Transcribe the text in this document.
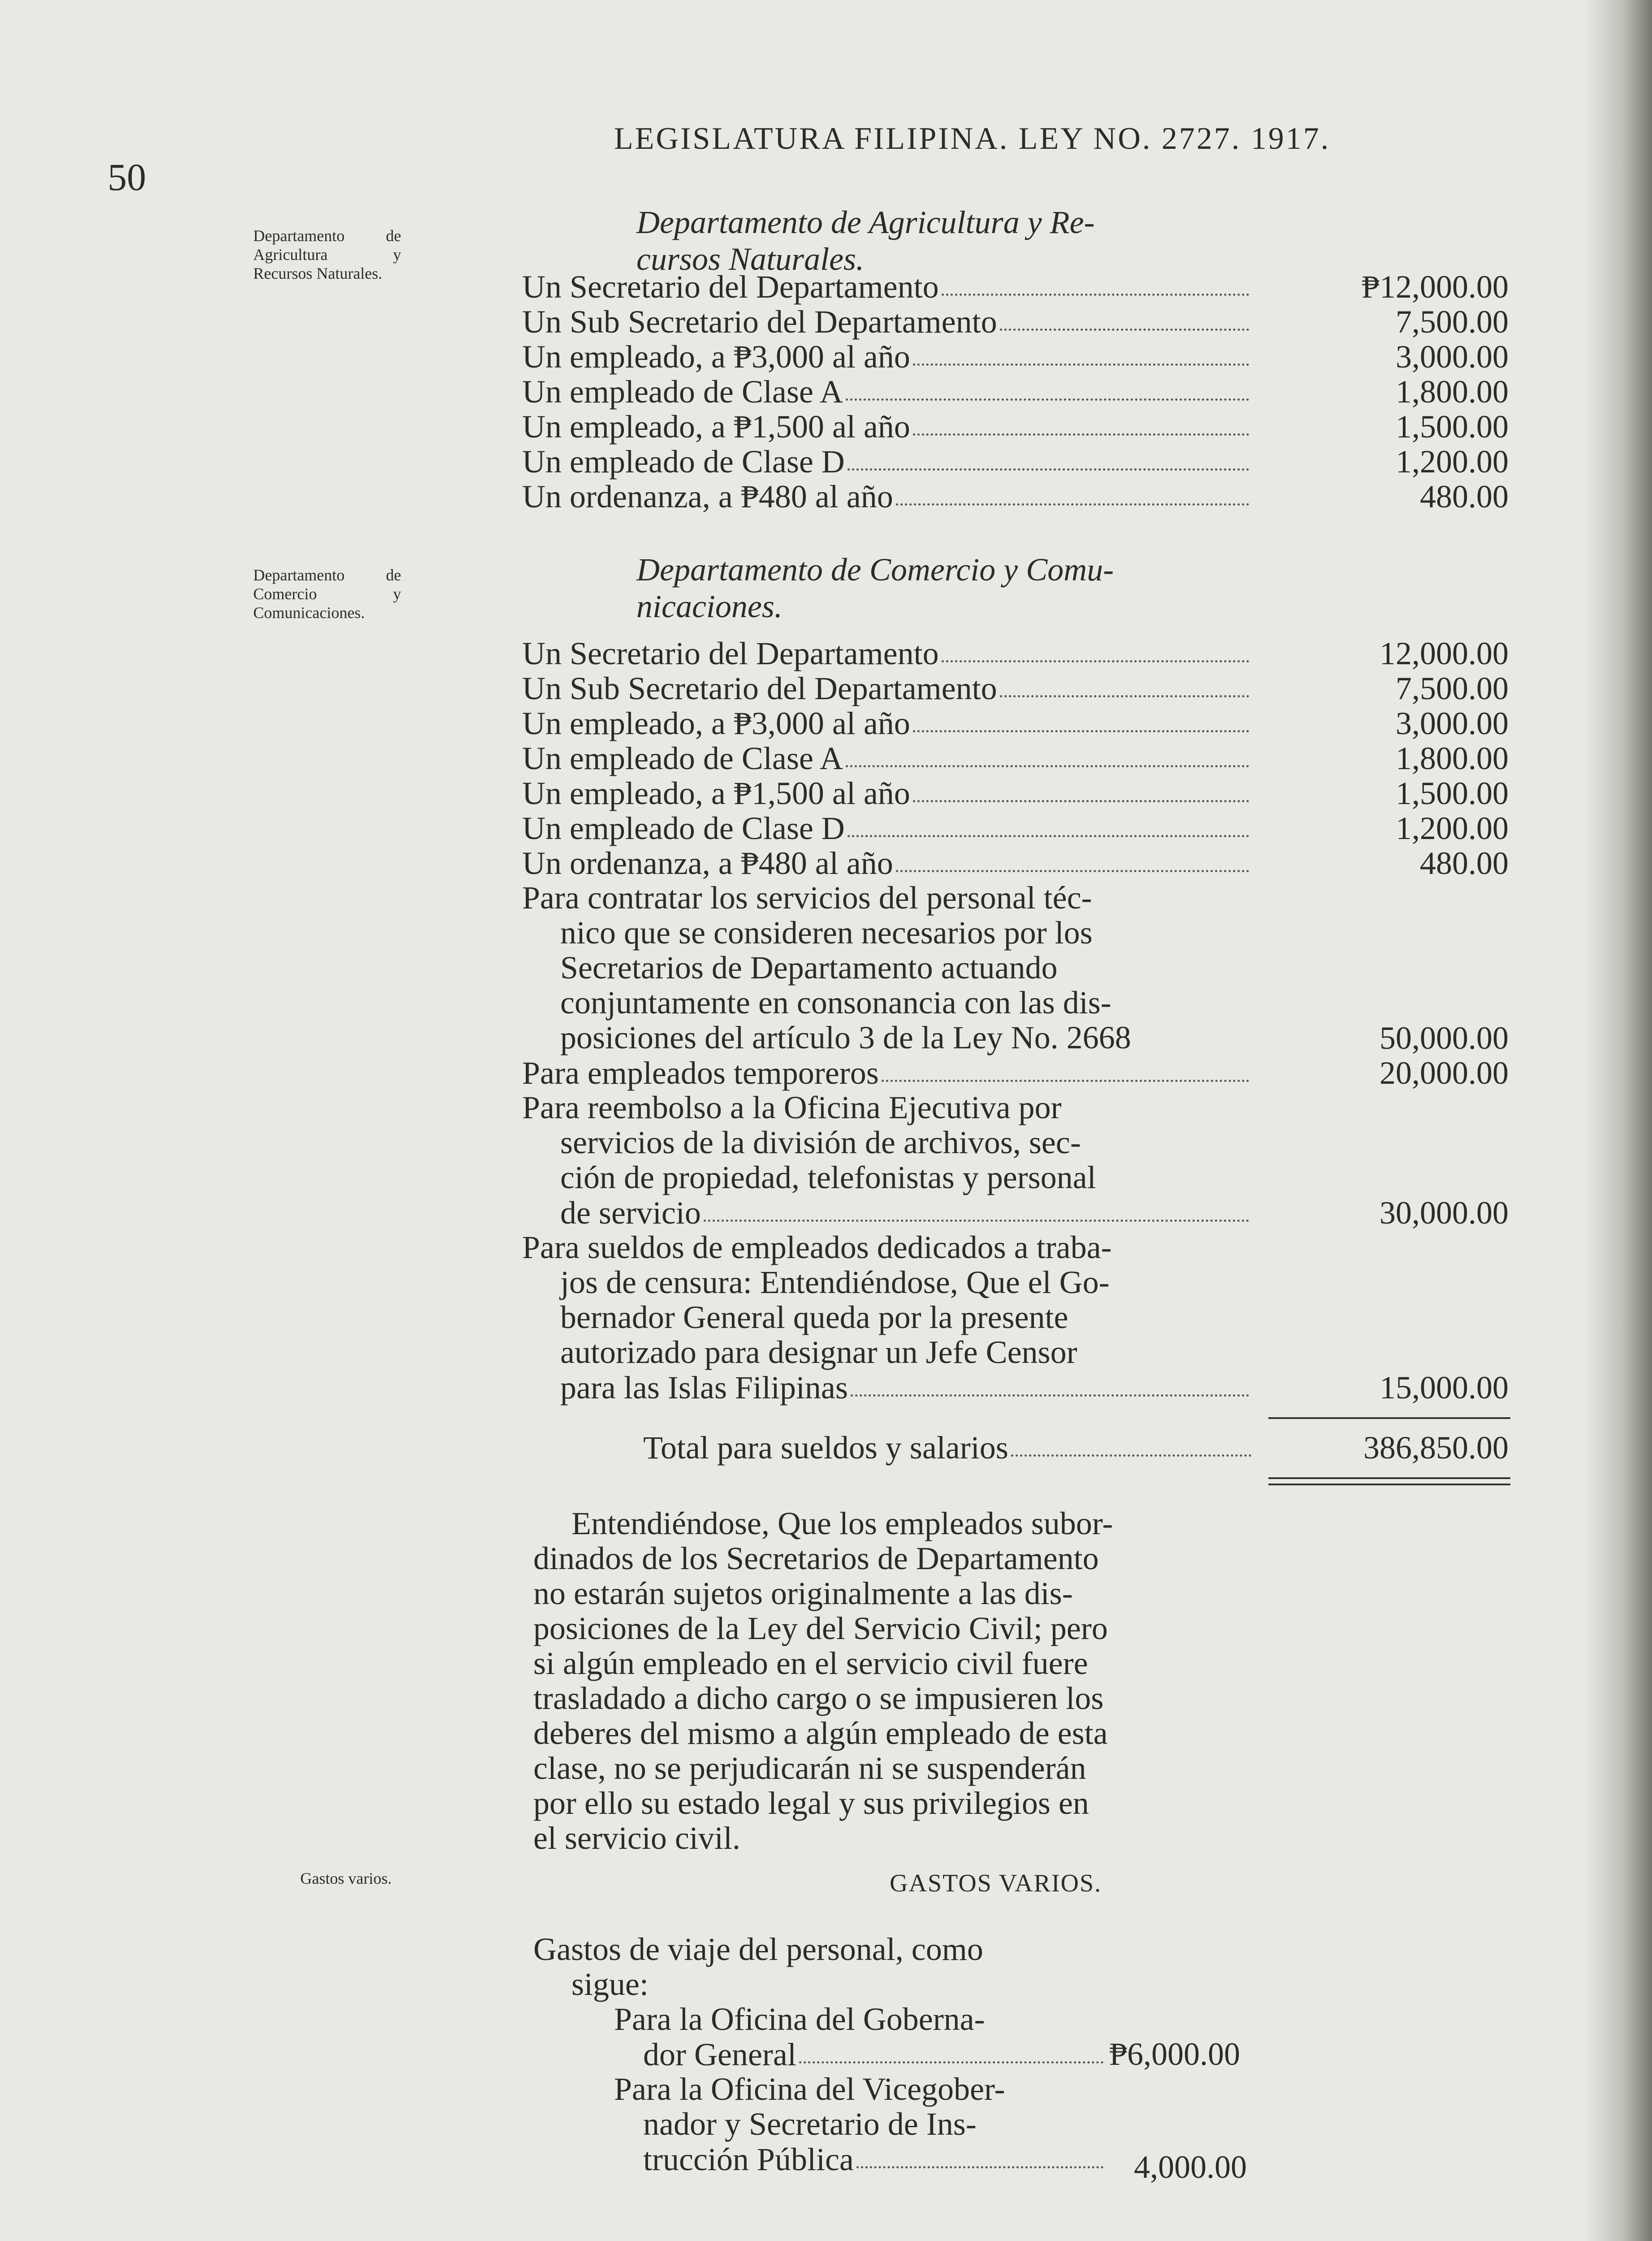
50
LEGISLATURA FILIPINA. LEY NO. 2727. 1917.
Departamento de Agricultura y Recursos Naturales.
Departamento de Comercio y Comunicaciones.
Gastos varios.
Departamento de Agricultura y Re-
cursos Naturales.
Un Secretario del Departamento	₱12,000.00
Un Sub Secretario del Departamento	7,500.00
Un empleado, a ₱3,000 al año	3,000.00
Un empleado de Clase A	1,800.00
Un empleado, a ₱1,500 al año	1,500.00
Un empleado de Clase D	1,200.00
Un ordenanza, a ₱480 al año	480.00
Departamento de Comercio y Comu-
nicaciones.
Un Secretario del Departamento	12,000.00
Un Sub Secretario del Departamento	7,500.00
Un empleado, a ₱3,000 al año	3,000.00
Un empleado de Clase A	1,800.00
Un empleado, a ₱1,500 al año	1,500.00
Un empleado de Clase D	1,200.00
Un ordenanza, a ₱480 al año	480.00
Para contratar los servicios del personal téc-
nico que se consideren necesarios por los
Secretarios de Departamento actuando
conjuntamente en consonancia con las dis-
posiciones del artículo 3 de la Ley No. 2668	50,000.00
Para empleados temporeros	20,000.00
Para reembolso a la Oficina Ejecutiva por
servicios de la división de archivos, sec-
ción de propiedad, telefonistas y personal
de servicio	30,000.00
Para sueldos de empleados dedicados a traba-
jos de censura: Entendiéndose, Que el Go-
bernador General queda por la presente
autorizado para designar un Jefe Censor
para las Islas Filipinas	15,000.00
Total para sueldos y salarios	386,850.00
Entendiéndose, Que los empleados subor-
dinados de los Secretarios de Departamento
no estarán sujetos originalmente a las dis-
posiciones de la Ley del Servicio Civil; pero
si algún empleado en el servicio civil fuere
trasladado a dicho cargo o se impusieren los
deberes del mismo a algún empleado de esta
clase, no se perjudicarán ni se suspenderán
por ello su estado legal y sus privilegios en
el servicio civil.
GASTOS VARIOS.
Gastos de viaje del personal, como
sigue:
Para la Oficina del Goberna-
dor General	₱6,000.00
Para la Oficina del Vicegober-
nador y Secretario de Ins-
trucción Pública	4,000.00
